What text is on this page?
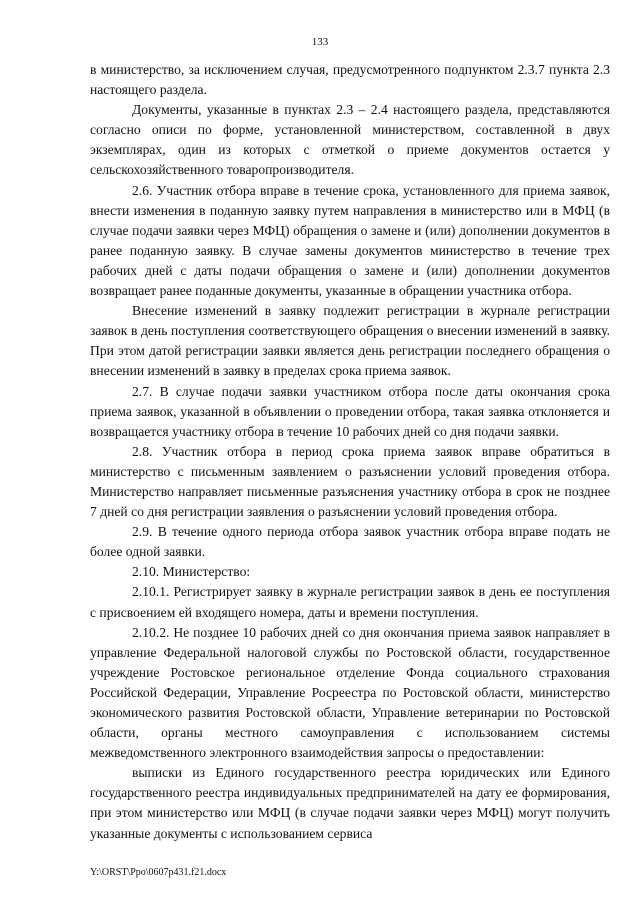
133

в министерство, за исключением случая, предусмотренного подпунктом 2.3.7 пункта 2.3 настоящего раздела.

Документы, указанные в пунктах 2.3 – 2.4 настоящего раздела, представляются согласно описи по форме, установленной министерством, составленной в двух экземплярах, один из которых с отметкой о приеме документов остается у сельскохозяйственного товаропроизводителя.

2.6. Участник отбора вправе в течение срока, установленного для приема заявок, внести изменения в поданную заявку путем направления в министерство или в МФЦ (в случае подачи заявки через МФЦ) обращения о замене и (или) дополнении документов в ранее поданную заявку. В случае замены документов министерство в течение трех рабочих дней с даты подачи обращения о замене и (или) дополнении документов возвращает ранее поданные документы, указанные в обращении участника отбора.

Внесение изменений в заявку подлежит регистрации в журнале регистрации заявок в день поступления соответствующего обращения о внесении изменений в заявку. При этом датой регистрации заявки является день регистрации последнего обращения о внесении изменений в заявку в пределах срока приема заявок.

2.7. В случае подачи заявки участником отбора после даты окончания срока приема заявок, указанной в объявлении о проведении отбора, такая заявка отклоняется и возвращается участнику отбора в течение 10 рабочих дней со дня подачи заявки.

2.8. Участник отбора в период срока приема заявок вправе обратиться в министерство с письменным заявлением о разъяснении условий проведения отбора. Министерство направляет письменные разъяснения участнику отбора в срок не позднее 7 дней со дня регистрации заявления о разъяснении условий проведения отбора.

2.9. В течение одного периода отбора заявок участник отбора вправе подать не более одной заявки.

2.10. Министерство:

2.10.1. Регистрирует заявку в журнале регистрации заявок в день ее поступления с присвоением ей входящего номера, даты и времени поступления.

2.10.2. Не позднее 10 рабочих дней со дня окончания приема заявок направляет в управление Федеральной налоговой службы по Ростовской области, государственное учреждение Ростовское региональное отделение Фонда социального страхования Российской Федерации, Управление Росреестра по Ростовской области, министерство экономического развития Ростовской области, Управление ветеринарии по Ростовской области, органы местного самоуправления с использованием системы межведомственного электронного взаимодействия запросы о предоставлении:

выписки из Единого государственного реестра юридических или Единого государственного реестра индивидуальных предпринимателей на дату ее формирования, при этом министерство или МФЦ (в случае подачи заявки через МФЦ) могут получить указанные документы с использованием сервиса

Y:\ORST\Ppo\0607p431.f21.docx
